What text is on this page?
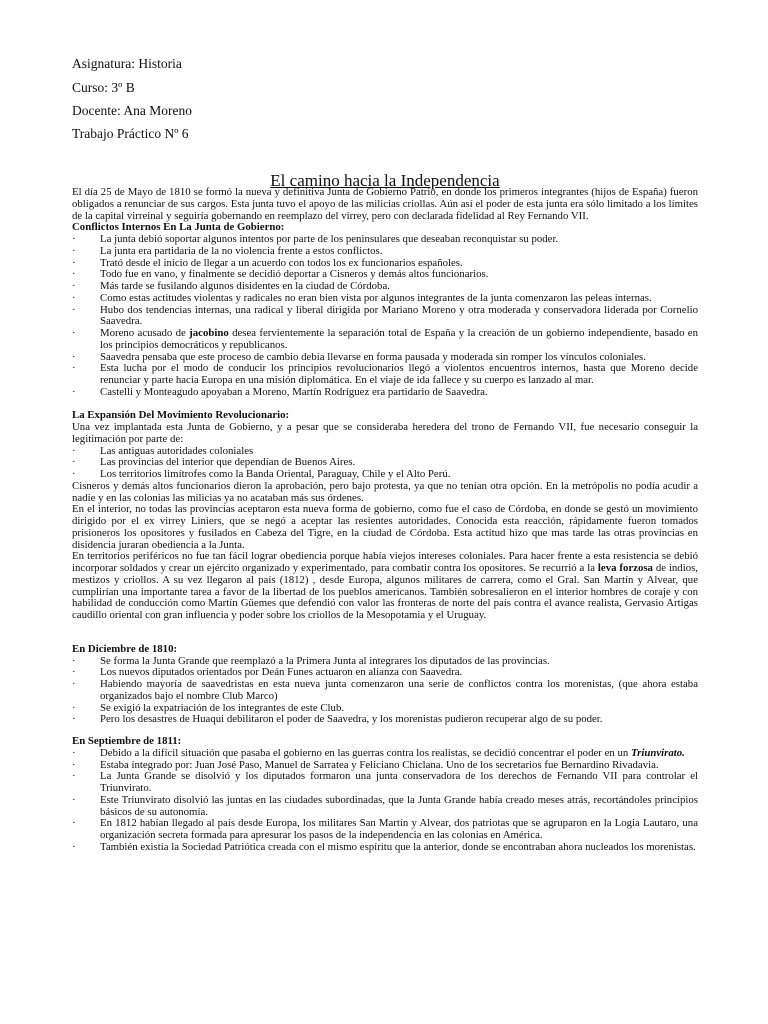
Asignatura: Historia
Curso: 3º B
Docente: Ana Moreno
Trabajo Práctico Nº 6
El camino hacia la Independencia

El día 25 de Mayo de 1810 se formó la nueva y definitiva Junta de Gobierno Patrio, en donde los primeros integrantes (hijos de España) fueron obligados a renunciar de sus cargos. Esta junta tuvo el apoyo de las milicias criollas. Aún así el poder de esta junta era sólo limitado a los límites de la capital virreinal y seguiría gobernando en reemplazo del virrey, pero con declarada fidelidad al Rey Fernando VII.

Conflictos Internos En La Junta de Gobierno:

· La junta debió soportar algunos intentos por parte de los peninsulares que deseaban reconquistar su poder.
· La junta era partidaria de la no violencia frente a estos conflictos.
· Trató desde el inicio de llegar a un acuerdo con todos los ex funcionarios españoles.
· Todo fue en vano, y finalmente se decidió deportar a Cisneros y demás altos funcionarios.
· Más tarde se fusilando algunos disidentes en la ciudad de Córdoba.
· Como estas actitudes violentas y radicales no eran bien vista por algunos integrantes de la junta comenzaron las peleas internas.
· Hubo dos tendencias internas, una radical y liberal dirigida por Mariano Moreno y otra moderada y conservadora liderada por Cornelio Saavedra.
· Moreno acusado de jacobino desea fervientemente la separación total de España y la creación de un gobierno independiente, basado en los principios democráticos y republicanos.
· Saavedra pensaba que este proceso de cambio debía llevarse en forma pausada y moderada sin romper los vínculos coloniales.
· Esta lucha por el modo de conducir los principios revolucionarios llegó a violentos encuentros internos, hasta que Moreno decide renunciar y parte hacia Europa en una misión diplomática. En el viaje de ida fallece y su cuerpo es lanzado al mar.
· Castelli y Monteagudo apoyaban a Moreno, Martín Rodríguez era partidario de Saavedra.

La Expansión Del Movimiento Revolucionario:

Una vez implantada esta Junta de Gobierno, y a pesar que se consideraba heredera del trono de Fernando VII, fue necesario conseguir la legitimación por parte de:

· Las antiguas autoridades coloniales
· Las provincias del interior que dependían de Buenos Aires.
· Los territorios limítrofes como la Banda Oriental, Paraguay, Chile y el Alto Perú.

Cisneros y demás altos funcionarios dieron la aprobación, pero bajo protesta, ya que no tenían otra opción. En la metrópolis no podía acudir a nadie y en las colonias las milicias ya no acataban más sus órdenes.

En el interior, no todas las provincias aceptaron esta nueva forma de gobierno, como fue el caso de Córdoba, en donde se gestó un movimiento dirigido por el ex virrey Liniers, que se negó a aceptar las resientes autoridades. Conocida esta reacción, rápidamente fueron tomados prisioneros los opositores y fusilados en Cabeza del Tigre, en la ciudad de Córdoba. Esta actitud hizo que mas tarde las otras provincias en disidencia juraran obediencia a la Junta.

En territorios periféricos no fue tan fácil lograr obediencia porque había viejos intereses coloniales. Para hacer frente a esta resistencia se debió incorporar soldados y crear un ejército organizado y experimentado, para combatir contra los opositores. Se recurrió a la leva forzosa de indios, mestizos y criollos. A su vez llegaron al país (1812) , desde Europa, algunos militares de carrera, como el Gral. San Martín y Alvear, que cumplirían una importante tarea a favor de la libertad de los pueblos americanos. También sobresalieron en el interior hombres de coraje y con habilidad de conducción como Martín Güemes que defendió con valor las fronteras de norte del país contra el avance realista, Gervasio Artigas caudillo oriental con gran influencia y poder sobre los criollos de la Mesopotamia y el Uruguay.

En Diciembre de 1810:

· Se forma la Junta Grande que reemplazó a la Primera Junta al integrares los diputados de las provincias.
· Los nuevos diputados orientados por Deán Funes actuaron en alianza con Saavedra.
· Habiendo mayoría de saavedristas en esta nueva junta comenzaron una serie de conflictos contra los morenistas, (que ahora estaba organizados bajo el nombre Club Marco)
· Se exigió la expatriación de los integrantes de este Club.
· Pero los desastres de Huaqui debilitaron el poder de Saavedra, y los morenistas pudieron recuperar algo de su poder.

En Septiembre de 1811:

· Debido a la difícil situación que pasaba el gobierno en las guerras contra los realistas, se decidió concentrar el poder en un Triunvirato.
· Estaba integrado por: Juan José Paso, Manuel de Sarratea y Feliciano Chiclana. Uno de los secretarios fue Bernardino Rivadavia.
· La Junta Grande se disolvió y los diputados formaron una junta conservadora de los derechos de Fernando VII para controlar el Triunvirato.
· Este Triunvirato disolvió las juntas en las ciudades subordinadas, que la Junta Grande había creado meses atrás, recortándoles principios básicos de su autonomía.
· En 1812 habían llegado al país desde Europa, los militares San Martín y Alvear, dos patriotas que se agruparon en la Logia Lautaro, una organización secreta formada para apresurar los pasos de la independencia en las colonias en América.
· También existía la Sociedad Patriótica creada con el mismo espíritu que la anterior, donde se encontraban ahora nucleados los morenistas.
